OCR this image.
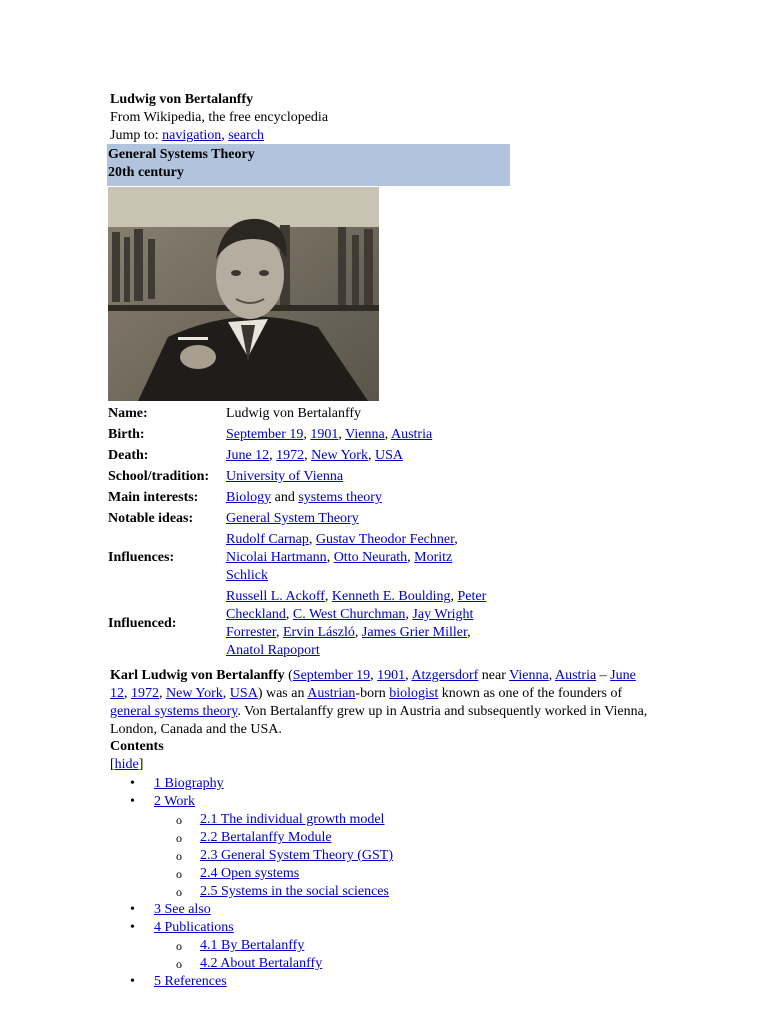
Ludwig von Bertalanffy
From Wikipedia, the free encyclopedia
Jump to: navigation, search
General Systems Theory
20th century
Name:	Ludwig von Bertalanffy
Birth:	September 19, 1901, Vienna, Austria
Death:	June 12, 1972, New York, USA
School/tradition:	University of Vienna
Main interests:	Biology and systems theory
Notable ideas:	General System Theory
Influences:	Rudolf Carnap, Gustav Theodor Fechner, Nicolai Hartmann, Otto Neurath, Moritz Schlick
Influenced:	Russell L. Ackoff, Kenneth E. Boulding, Peter Checkland, C. West Churchman, Jay Wright Forrester, Ervin László, James Grier Miller, Anatol Rapoport
Karl Ludwig von Bertalanffy (September 19, 1901, Atzgersdorf near Vienna, Austria – June 12, 1972, New York, USA) was an Austrian-born biologist known as one of the founders of general systems theory. Von Bertalanffy grew up in Austria and subsequently worked in Vienna, London, Canada and the USA.
Contents
[hide]
• 1 Biography
• 2 Work
o 2.1 The individual growth model
o 2.2 Bertalanffy Module
o 2.3 General System Theory (GST)
o 2.4 Open systems
o 2.5 Systems in the social sciences
• 3 See also
• 4 Publications
o 4.1 By Bertalanffy
o 4.2 About Bertalanffy
• 5 References
